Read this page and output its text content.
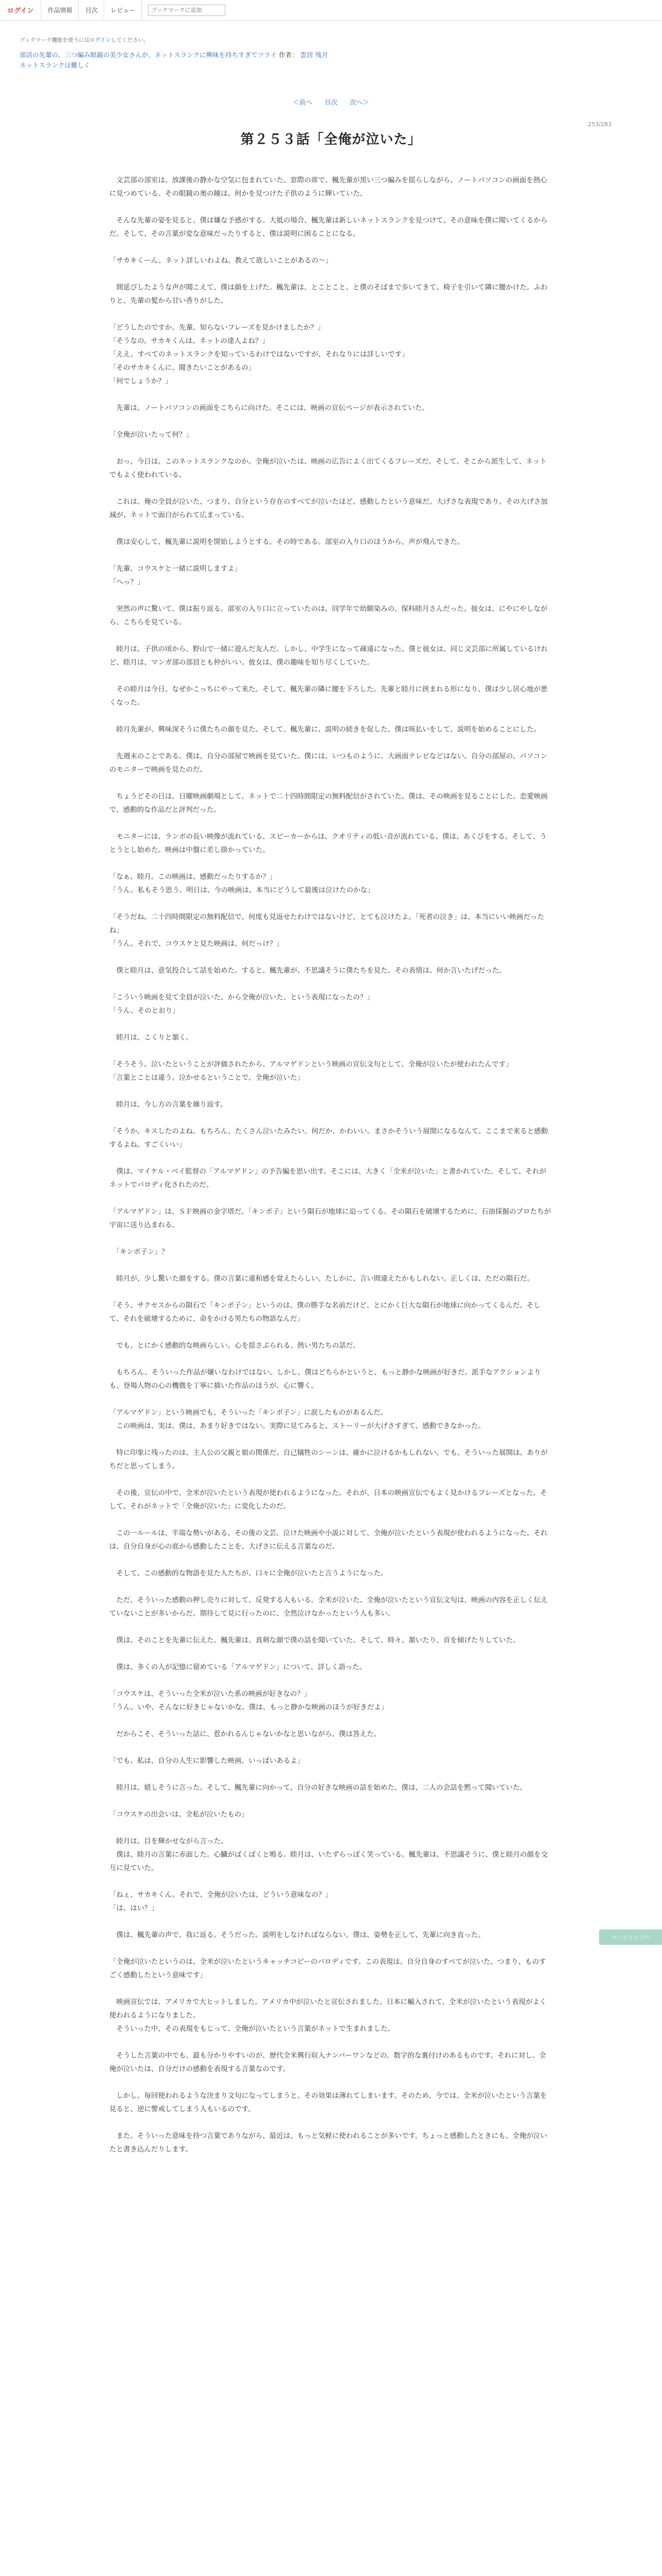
ログイン	作品情報	目次	レビュー
ブックマークに追加
ブックマーク機能を使うにはログインしてください。
部活の先輩の、三つ編み眼鏡の美少女さんが、ネットスランクに興味を持ちすぎてツライ 作者： 雲居 残月
ネットスランクは難しく
＜前へ 目次 次へ＞
253/283
第２５３話「全俺が泣いた」

　文芸部の部室は、放課後の静かな空気に包まれていた。窓際の席で、楓先輩が黒い三つ編みを揺らしながら、ノートパソコンの画面を熱心に見つめている。その眼鏡の奥の瞳は、何かを見つけた子供のように輝いていた。

　そんな先輩の姿を見ると、僕は嫌な予感がする。大抵の場合、楓先輩は新しいネットスランクを見つけて、その意味を僕に聞いてくるからだ。そして、その言葉が変な意味だったりすると、僕は説明に困ることになる。

「サカキくーん。ネット詳しいわよね。教えて欲しいことがあるの〜」

　間延びしたような声が聞こえて、僕は顔を上げた。楓先輩は、とことこと、と僕のそばまで歩いてきて、椅子を引いて隣に腰かけた。ふわりと、先輩の髪から甘い香りがした。

「どうしたのですか、先輩。知らないフレーズを見かけましたか？」

「そうなの。サカキくんは、ネットの達人よね？」

「ええ。すべてのネットスランクを知っているわけではないですが、それなりには詳しいです」

「そのサカキくんに、聞きたいことがあるの」

「何でしょうか？」

　先輩は、ノートパソコンの画面をこちらに向けた。そこには、映画の宣伝ページが表示されていた。

「全俺が泣いたって何？」

　おっ、今日は、このネットスランクなのか。全俺が泣いたは、映画の広告によく出てくるフレーズだ。そして、そこから派生して、ネットでもよく使われている。

　これは、俺の全員が泣いた、つまり、自分という存在のすべてが泣いたほど、感動したという意味だ。大げさな表現であり、その大げさ加減が、ネットで面白がられて広まっている。

　僕は安心して、楓先輩に説明を開始しようとする。その時である。部室の入り口のほうから、声が飛んできた。

「先輩、コウスケと一緒に説明しますよ」

「へっ？」

　突然の声に驚いて、僕は振り返る。部室の入り口に立っていたのは、同学年で幼馴染みの、保科睦月さんだった。彼女は、にやにやしながら、こちらを見ている。

　睦月は、子供の頃から、野山で一緒に遊んだ友人だ。しかし、中学生になって疎遠になった。僕と彼女は、同じ文芸部に所属しているけれど、睦月は、マンガ部の部員とも仲がいい。彼女は、僕の趣味を知り尽くしていた。

　その睦月は今日、なぜかこっちにやって来た。そして、楓先輩の隣に腰を下ろした。先輩と睦月に挟まれる形になり、僕は少し居心地が悪くなった。

　睦月先輩が、興味深そうに僕たちの顔を見た。そして、楓先輩に、説明の続きを促した。僕は咳払いをして、説明を始めることにした。

　先週末のことである。僕は、自分の部屋で映画を見ていた。僕には、いつものように、大画面テレビなどはない。自分の部屋の、パソコンのモニターで映画を見たのだ。

　ちょうどその日は、日曜映画劇場として、ネットで二十四時間限定の無料配信がされていた。僕は、その映画を見ることにした。恋愛映画で、感動的な作品だと評判だった。

　モニターには、ランボの長い映像が流れている。スピーカーからは、クオリティの低い音が流れている。僕は、あくびをする。そして、うとうとし始めた。映画は中盤に差し掛かっていた。

「なぁ、睦月。この映画は、感動だったりするか？」

「うん。私もそう思う。明日は、今の映画は、本当にどうして最後は泣けたのかな」

「そうだね。二十四時間限定の無料配信で、何度も見返せたわけではないけど、とても泣けたよ。「死者の泣き」は、本当にいい映画だったね」

「うん。それで、コウスケと見た映画は、何だっけ？」

　僕と睦月は、意気投合して話を始めた。すると、楓先輩が、不思議そうに僕たちを見た。その表情は、何か言いたげだった。

「こういう映画を見て全員が泣いた、から全俺が泣いた、という表現になったの？」

「うん、そのとおり」

　睦月は、こくりと頷く。

「そうそう。泣いたということが評価されたから、アルマゲドンという映画の宣伝文句として、全俺が泣いたが使われたんです」

「言葉とことは違う。泣かせるということで、全俺が泣いた」

　睦月は、今し方の言葉を繰り返す。

「そうか。キスしたのよね。もちろん、たくさん泣いたみたい。何だか、かわいい。まさかそういう展開になるなんて。ここまで来ると感動するよね。すごくいい」

　僕は、マイケル・ベイ監督の「アルマゲドン」の予告編を思い出す。そこには、大きく「全米が泣いた」と書かれていた。そして、それがネットでパロディ化されたのだ。

「アルマゲドン」は、ＳＦ映画の金字塔だ。「キンポ子」という隕石が地球に迫ってくる。その隕石を破壊するために、石油採掘のプロたちが宇宙に送り込まれる。

　「キンポ子ン」？

　睦月が、少し驚いた顔をする。僕の言葉に違和感を覚えたらしい。たしかに、言い間違えたかもしれない。正しくは、ただの隕石だ。

「そう、サクセスからの隕石で「キンポ子ン」というのは、僕の勝手な名前だけど、とにかく巨大な隕石が地球に向かってくるんだ。そして、それを破壊するために、命をかける男たちの物語なんだ」

　でも、とにかく感動的な映画らしい。心を揺さぶられる、熱い男たちの話だ。

　もちろん、そういった作品が嫌いなわけではない。しかし、僕はどちらかというと、もっと静かな映画が好きだ。派手なアクションよりも、登場人物の心の機微を丁寧に描いた作品のほうが、心に響く。

「アルマゲドン」という映画でも、そういった「キンポ子ン」に涙したものがあるんだ。

　この映画は、実は、僕は、あまり好きではない。実際に見てみると、ストーリーが大げさすぎて、感動できなかった。

　特に印象に残ったのは、主人公の父親と娘の関係だ。自己犠牲のシーンは、確かに泣けるかもしれない。でも、そういった展開は、ありがちだと思ってしまう。

　その後、宣伝の中で、全米が泣いたという表現が使われるようになった。それが、日本の映画宣伝でもよく見かけるフレーズとなった。そして、それがネットで「全俺が泣いた」に変化したのだ。

　この一ルールは、半端な勢いがある。その後の文芸、泣けた映画や小説に対して、全俺が泣いたという表現が使われるようになった。それは、自分自身が心の底から感動したことを、大げさに伝える言葉なのだ。

　そして、この感動的な物語を見た人たちが、口々に全俺が泣いたと言うようになった。

　ただ、そういった感動の押し売りに対して、反発する人もいる。全米が泣いた、全俺が泣いたという宣伝文句は、映画の内容を正しく伝えていないことが多いからだ。期待して見に行ったのに、全然泣けなかったという人も多い。

　僕は、そのことを先輩に伝えた。楓先輩は、真剣な顔で僕の話を聞いていた。そして、時々、頷いたり、首を傾げたりしていた。

　僕は、多くの人が記憶に留めている「アルマゲドン」について、詳しく語った。

「コウスケは、そういった全米が泣いた系の映画が好きなの？」

「うん。いや、そんなに好きじゃないかな。僕は、もっと静かな映画のほうが好きだよ」

　だからこそ、そういった話に、惹かれるんじゃないかなと思いながら、僕は答えた。

「でも、私は、自分の人生に影響した映画、いっぱいあるよ」

　睦月は、嬉しそうに言った。そして、楓先輩に向かって、自分の好きな映画の話を始めた。僕は、二人の会話を黙って聞いていた。

「コウスケの出会いは、全私が泣いたもの」

　睦月は、目を輝かせながら言った。

　僕は、睦月の言葉に赤面した。心臓がばくばくと鳴る。睦月は、いたずらっぽく笑っている。楓先輩は、不思議そうに、僕と睦月の顔を交互に見ていた。

「ねぇ、サカキくん。それで、全俺が泣いたは、どういう意味なの？」

「は、はい？」

　僕は、楓先輩の声で、我に返る。そうだった。説明をしなければならない。僕は、姿勢を正して、先輩に向き直った。

「全俺が泣いたというのは、全米が泣いたというキャッチコピーのパロディです。この表現は、自分自身のすべてが泣いた、つまり、ものすごく感動したという意味です」

　映画宣伝では、アメリカで大ヒットしました。アメリカ中が泣いたと宣伝されました。日本に輸入されて、全米が泣いたという表現がよく使われるようになりました。

　そういった中、その表現をもじって、全俺が泣いたという言葉がネットで生まれました。

　そうした言葉の中でも、最も分かりやすいのが、歴代全米興行収入ナンバーワンなどの、数字的な裏付けのあるものです。それに対し、全俺が泣いたは、自分だけの感動を表現する言葉なのです。

　しかし、毎回使われるような決まり文句になってしまうと、その効果は薄れてしまいます。そのため、今では、全米が泣いたという言葉を見ると、逆に警戒してしまう人もいるのです。

　また、そういった意味を持つ言葉でありながら、最近は、もっと気軽に使われることが多いです。ちょっと感動したときにも、全俺が泣いたと書き込んだりします。

ページトップへ
